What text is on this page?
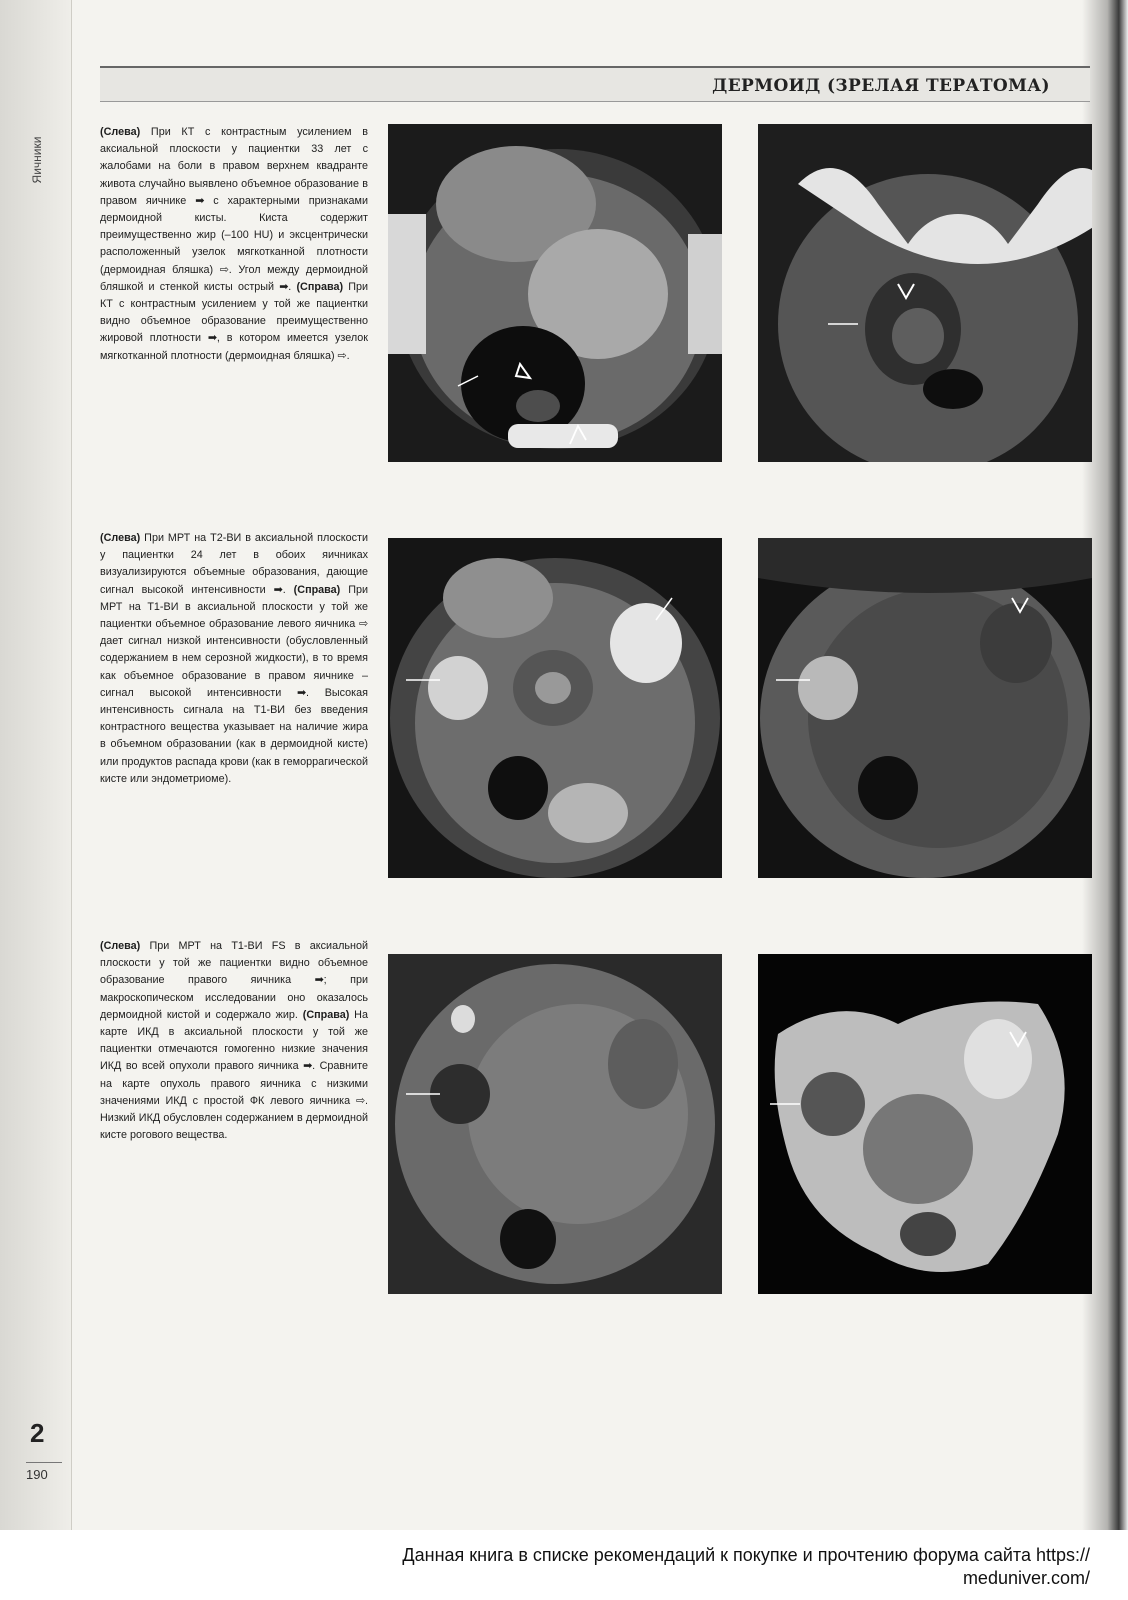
Яичники
2
190
ДЕРМОИД (ЗРЕЛАЯ ТЕРАТОМА)
(Слева) При КТ с контрастным усилением в аксиальной плоскости у пациентки 33 лет с жалобами на боли в правом верхнем квадранте живота случайно выявлено объемное образование в правом яичнике ➡ с характерными признаками дермоидной кисты. Киста содержит преимущественно жир (–100 HU) и эксцентрически расположенный узелок мягкотканной плотности (дермоидная бляшка) ⇨. Угол между дермоидной бляшкой и стенкой кисты острый ➡. (Справа) При КТ с контрастным усилением у той же пациентки видно объемное образование преимущественно жировой плотности ➡, в котором имеется узелок мягкотканной плотности (дермоидная бляшка) ⇨.
(Слева) При МРТ на Т2-ВИ в аксиальной плоскости у пациентки 24 лет в обоих яичниках визуализируются объемные образования, дающие сигнал высокой интенсивности ➡. (Справа) При МРТ на Т1-ВИ в аксиальной плоскости у той же пациентки объемное образование левого яичника ⇨ дает сигнал низкой интенсивности (обусловленный содержанием в нем серозной жидкости), в то время как объемное образование в правом яичнике – сигнал высокой интенсивности ➡. Высокая интенсивность сигнала на Т1-ВИ без введения контрастного вещества указывает на наличие жира в объемном образовании (как в дермоидной кисте) или продуктов распада крови (как в геморрагической кисте или эндометриоме).
(Слева) При МРТ на Т1-ВИ FS в аксиальной плоскости у той же пациентки видно объемное образование правого яичника ➡; при макроскопическом исследовании оно оказалось дермоидной кистой и содержало жир. (Справа) На карте ИКД в аксиальной плоскости у той же пациентки отмечаются гомогенно низкие значения ИКД во всей опухоли правого яичника ➡. Сравните на карте опухоль правого яичника с низкими значениями ИКД с простой ФК левого яичника ⇨. Низкий ИКД обусловлен содержанием в дермоидной кисте рогового вещества.
Данная книга в списке рекомендаций к покупке и прочтению форума сайта https://
meduniver.com/
